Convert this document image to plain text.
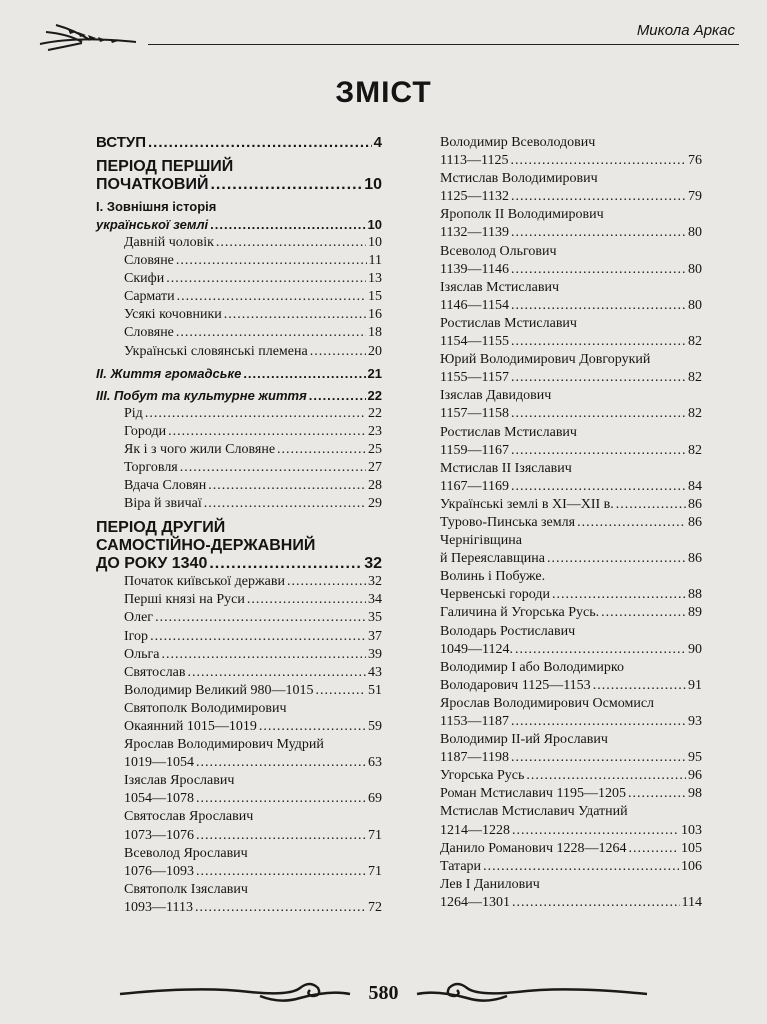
Микола Аркас
ЗМІСТ
ВСТУП .....	4
ПЕРІОД ПЕРШИЙ
ПОЧАТКОВИЙ .....	10
І. Зовнішня історія
української землі .....	10
Давній чоловік .....	10
Словяне .....	11
Скифи .....	13
Сармати .....	15
Усякі кочовники .....	16
Словяне .....	18
Українські словянські племена .....	20
ІІ. Життя громадське .....	21
ІІІ. Побут та культурне життя .....	22
Рід .....	22
Городи .....	23
Як і з чого жили Словяне .....	25
Торговля .....	27
Вдача Словян .....	28
Віра й звичаї .....	29
ПЕРІОД ДРУГИЙ
САМОСТІЙНО-ДЕРЖАВНИЙ
ДО РОКУ 1340 .....	32
Початок київської держави .....	32
Перші князі на Руси .....	34
Олег .....	35
Ігор .....	37
Ольга .....	39
Святослав .....	43
Володимир Великий 980—1015 .....	51
Святополк Володимирович
Окаянний 1015—1019 .....	59
Ярослав Володимирович Мудрий
1019—1054 .....	63
Ізяслав Ярославич
1054—1078 .....	69
Святослав Ярославич
1073—1076 .....	71
Всеволод Ярославич
1076—1093 .....	71
Святополк Ізяславич
1093—1113 .....	72
Володимир Всеволодович
1113—1125 .....	76
Мстислав Володимирович
1125—1132 .....	79
Ярополк ІІ Володимирович
1132—1139 .....	80
Всеволод Ольгович
1139—1146 .....	80
Ізяслав Мстиславич
1146—1154 .....	80
Ростислав Мстиславич
1154—1155 .....	82
Юрий Володимирович Довгорукий
1155—1157 .....	82
Ізяслав Давидович
1157—1158 .....	82
Ростислав Мстиславич
1159—1167 .....	82
Мстислав ІІ Ізяславич
1167—1169 .....	84
Українські землі в ХІ—ХІІ в. .....	86
Турово-Пинська земля .....	86
Чернігівщина
й Переяславщина .....	86
Волинь і Побуже.
Червенські городи .....	88
Галичина й Угорська Русь. .....	89
Володарь Ростиславич
1049—1124. .....	90
Володимир І або Володимирко
Володарович 1125—1153 .....	91
Ярослав Володимирович Осмомисл
1153—1187 .....	93
Володимир ІІ-ий Ярославич
1187—1198 .....	95
Угорська Русь .....	96
Роман Мстиславич 1195—1205 .....	98
Мстислав Мстиславич Удатний
1214—1228 .....	103
Данило Романович 1228—1264 .....	105
Татари .....	106
Лев І Данилович
1264—1301 .....	114
580
